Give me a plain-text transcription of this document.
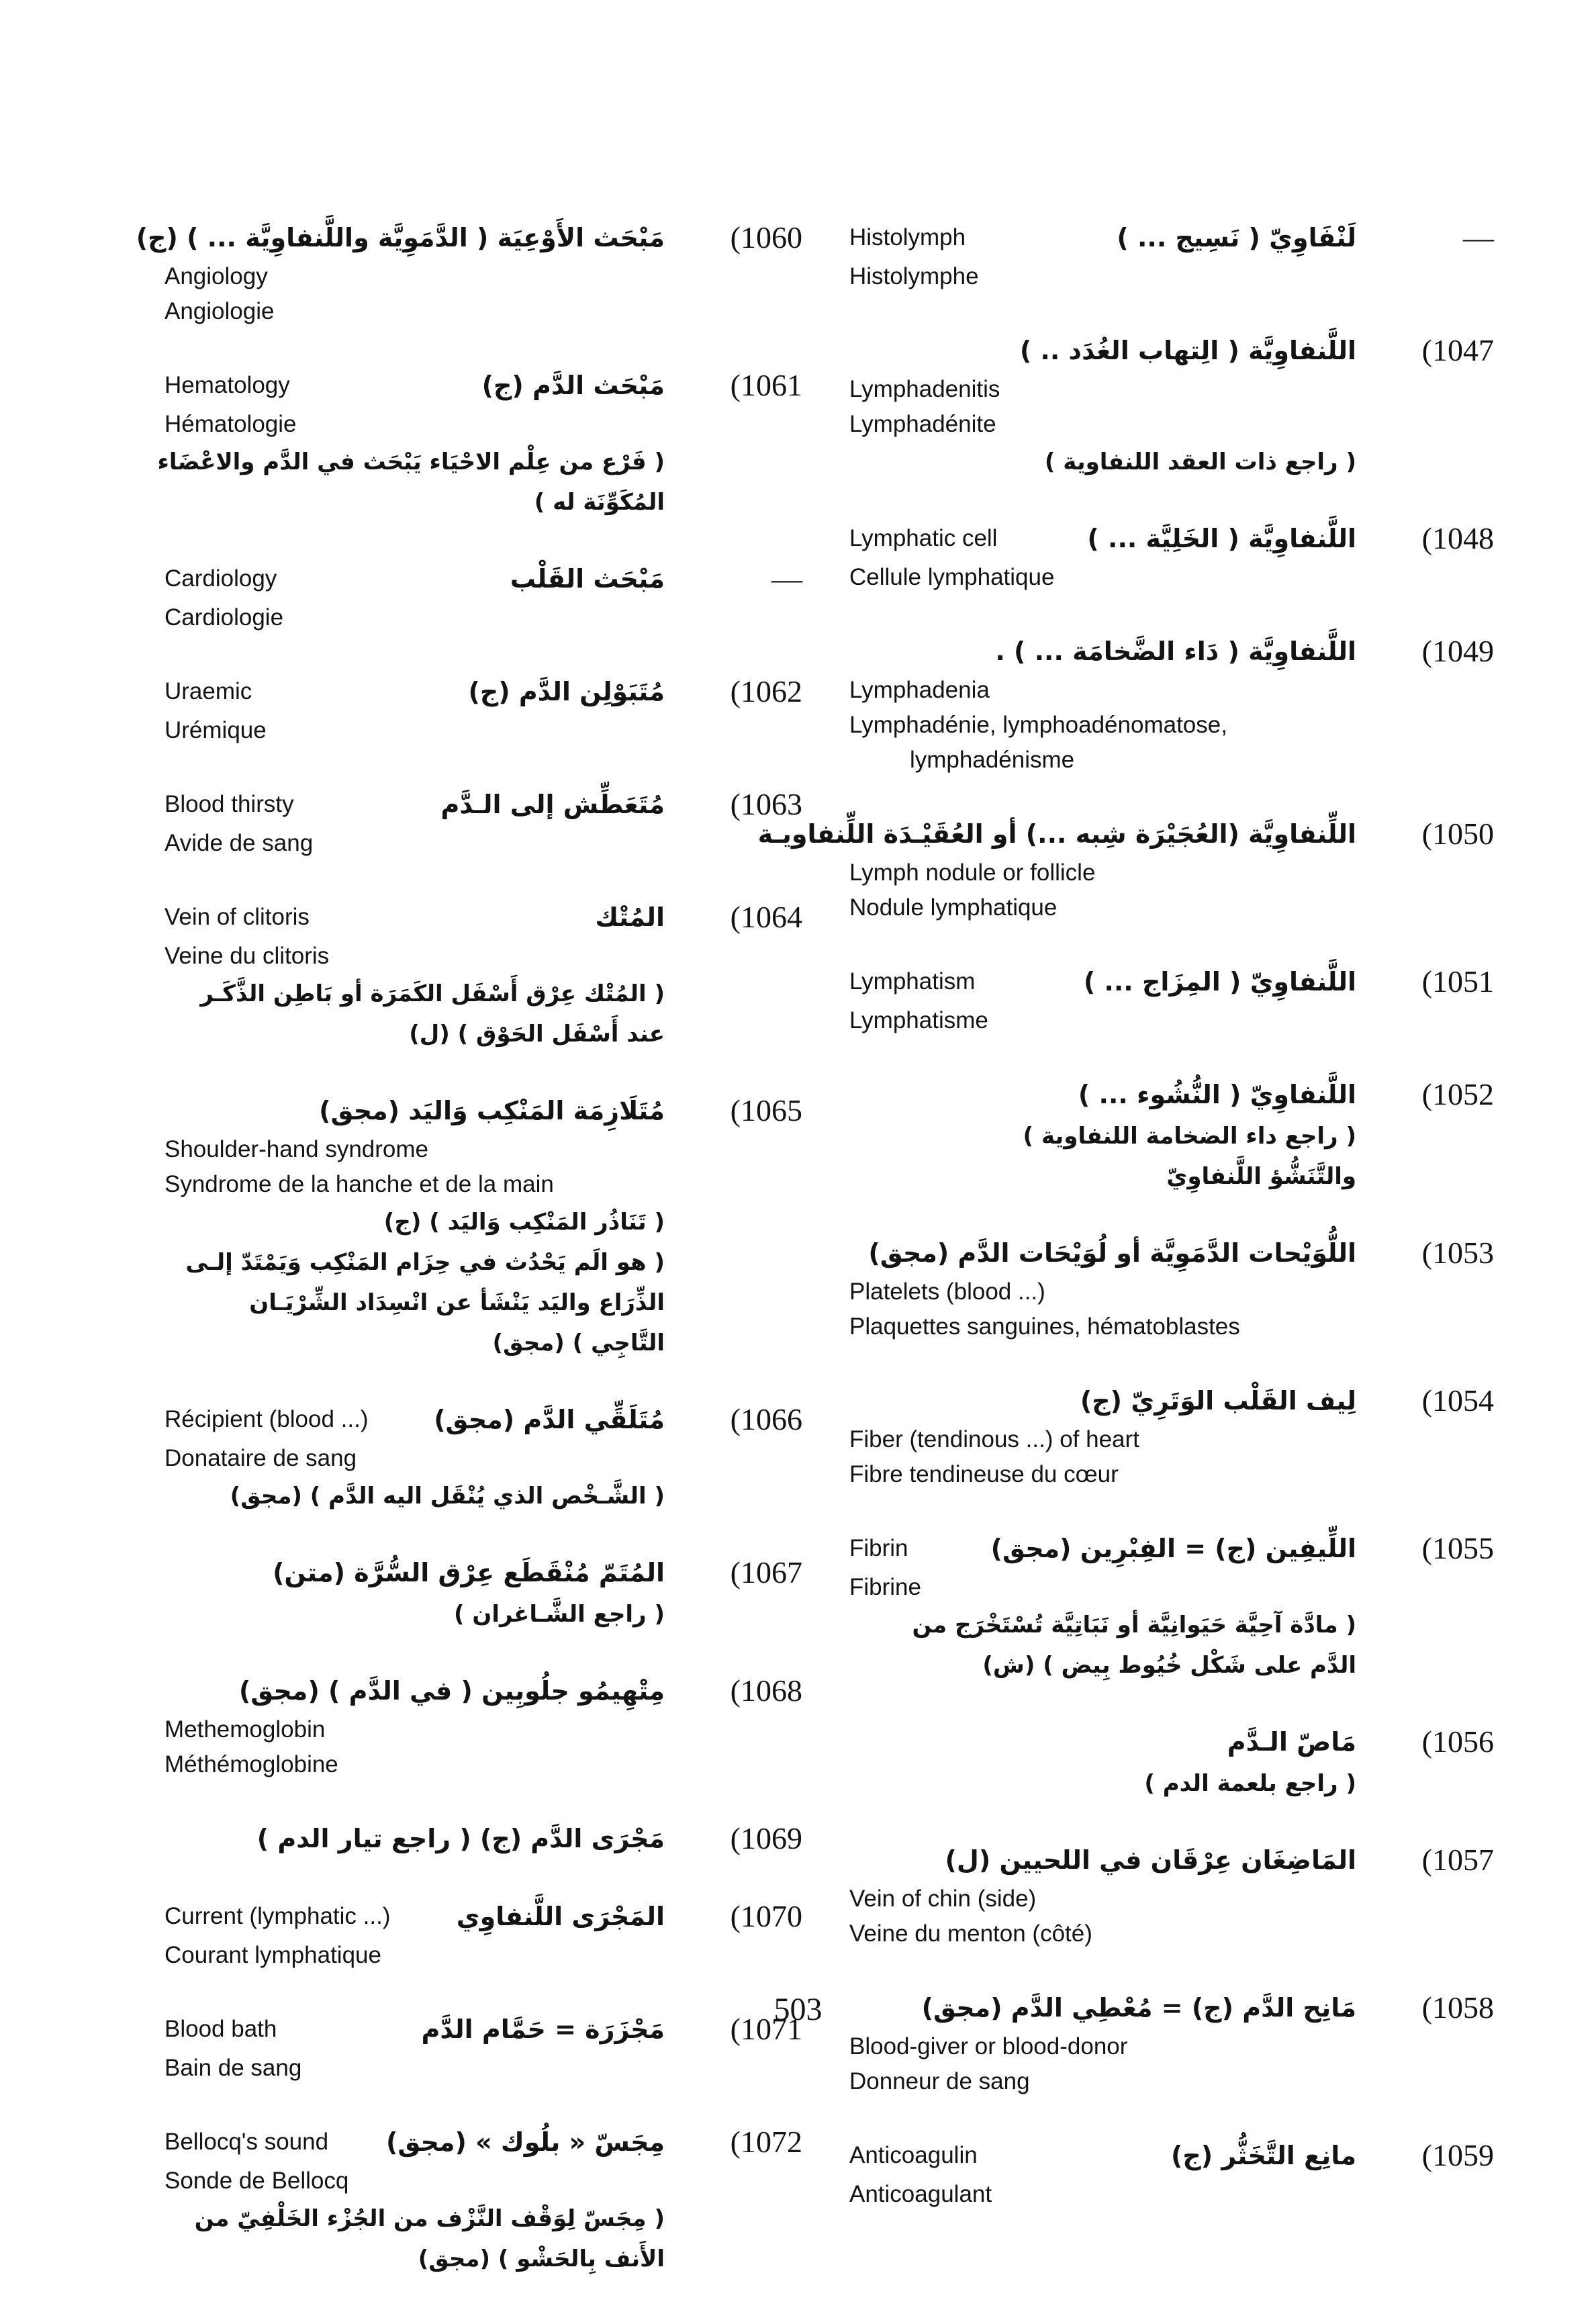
(1060
مَبْحَث الأَوْعِيَة ( الدَّمَوِيَّة واللَّنفاوِيَّة ... ) (ج)
Angiology
Angiologie
(1061
مَبْحَث الدَّم (ج)
Hematology
Hématologie
( فَرْع من عِلْم الاحْيَاء يَبْحَث في الدَّم والاعْضَاء
المُكَوِّنَة له )
—
مَبْحَث القَلْب
Cardiology
Cardiologie
(1062
مُتَبَوْلِن الدَّم (ج)
Uraemic
Urémique
(1063
مُتَعَطِّش إلى الـدَّم
Blood thirsty
Avide de sang
(1064
المُتْك
Vein of clitoris
Veine du clitoris
( المُتْك عِرْق أَسْفَل الكَمَرَة أو بَاطِن الذَّكَـر
عند أَسْفَل الحَوْق ) (ل)
(1065
مُتَلَازِمَة المَنْكِب وَاليَد (مجق)
Shoulder-hand syndrome
Syndrome de la hanche et de la main
( تَنَاذُر المَنْكِب وَاليَد ) (ج)
( هو الَم يَحْدُث في حِزَام المَنْكِب وَيَمْتَدّ إلـى
الذِّرَاع واليَد يَنْشَأ عن انْسِدَاد الشِّرْيَـان
التَّاجِي ) (مجق)
(1066
مُتَلَقِّي الدَّم (مجق)
Récipient (blood ...)
Donataire de sang
( الشَّـخْص الذي يُنْقَل اليه الدَّم ) (مجق)
(1067
المُتَمّ مُنْقَطَع عِرْق السُّرَّة (متن)
( راجع الشَّـاغران )
(1068
مِتْهِيمُو جلُوبِين ( في الدَّم ) (مجق)
Methemoglobin
Méthémoglobine
(1069
مَجْرَى الدَّم (ج) ( راجع تيار الدم )
(1070
المَجْرَى اللَّنفاوِي
Current (lymphatic ...)
Courant lymphatique
(1071
مَجْزَرَة = حَمَّام الدَّم
Blood bath
Bain de sang
(1072
مِجَسّ « بلُوك » (مجق)
Bellocq's sound
Sonde de Bellocq
( مِجَسّ لِوَقْف النَّزْف من الجُزْء الخَلْفِيّ من
الأَنف بِالحَشْو ) (مجق)
—
لَنْفَاوِيّ ( نَسِيج ... )
Histolymph
Histolymphe
(1047
اللَّنفاوِيَّة ( الِتهاب الغُدَد .. )
Lymphadenitis
Lymphadénite
( راجع ذات العقد اللنفاوية )
(1048
اللَّنفاوِيَّة ( الخَلِيَّة ... )
Lymphatic cell
Cellule lymphatique
(1049
اللَّنفاوِيَّة ( دَاء الضَّخامَة ... ) .
Lymphadenia
Lymphadénie, lymphoadénomatose,
lymphadénisme
(1050
اللِّنفاوِيَّة (العُجَيْرَة شِبه ...) أو العُقَيْـدَة اللِّنفاويـة
Lymph nodule or follicle
Nodule lymphatique
(1051
اللَّنفاوِيّ ( المِزَاج ... )
Lymphatism
Lymphatisme
(1052
اللَّنفاوِيّ ( النُّشُوء ... )
( راجع داء الضخامة اللنفاوية )
والتَّنَشُّؤ اللَّنفاوِيّ
(1053
اللُّوَيْحات الدَّمَوِيَّة أو لُوَيْحَات الدَّم (مجق)
Platelets (blood ...)
Plaquettes sanguines, hématoblastes
(1054
لِيف القَلْب الوَتَرِيّ (ج)
Fiber (tendinous ...) of heart
Fibre tendineuse du cœur
(1055
اللِّيفِين (ج) = الفِبْرِين (مجق)
Fibrin
Fibrine
( مادَّة آحِيَّة حَيَوانِيَّة أو نَبَاتِيَّة تُسْتَخْرَج من
الدَّم على شَكْل خُيُوط بِيض ) (ش)
(1056
مَاصّ الـدَّم
( راجع بلعمة الدم )
(1057
المَاضِغَان عِرْقَان في اللحيين (ل)
Vein of chin (side)
Veine du menton (côté)
(1058
مَانِح الدَّم (ج) = مُعْطِي الدَّم (مجق)
Blood-giver or blood-donor
Donneur de sang
(1059
مانِع التَّخَثُّر (ج)
Anticoagulin
Anticoagulant
503
